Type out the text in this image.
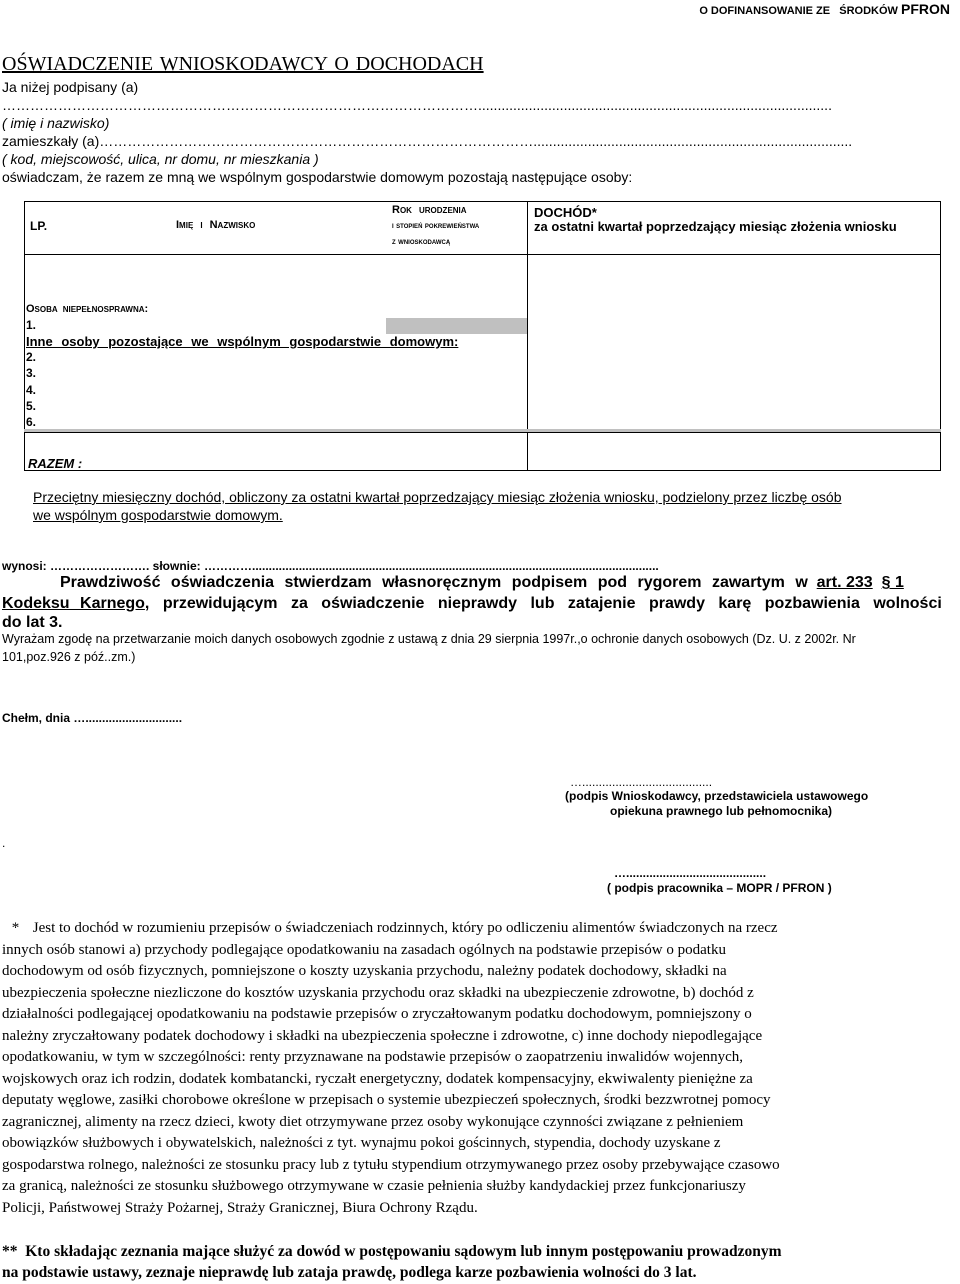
O DOFINANSOWANIE ZE ŚRODKÓW PFRON
OŚWIADCZENIE WNIOSKODAWCY O DOCHODACH
Ja niżej podpisany (a)
…………………………………………………………………………………………...........................................................................................
( imię i nazwisko)
zamieszkały (a)…………………………………………………………………………………..................................................................................
( kod, miejscowość, ulica, nr domu, nr mieszkania )
oświadczam, że razem ze mną we wspólnym gospodarstwie domowym pozostają następujące osoby:
LP.	Imię i Nazwisko
Rok urodzenia
i stopień pokrewieństwa
z wnioskodawcą
DOCHÓD*
za ostatni kwartał poprzedzający miesiąc złożenia wniosku
Osoba niepełnosprawna:
1.
Inne osoby pozostające we wspólnym gospodarstwie domowym:
2.
3.
4.
5.
6.
RAZEM :
Przeciętny miesięczny dochód, obliczony za ostatni kwartał poprzedzający miesiąc złożenia wniosku, podzielony przez liczbę osób
we wspólnym gospodarstwie domowym.
wynosi: ……………………. słownie: …………..........................................................................................................................
Prawdziwość oświadczenia stwierdzam własnoręcznym podpisem pod rygorem zawartym w art. 233 § 1
Kodeksu Karnego, przewidującym za oświadczenie nieprawdy lub zatajenie prawdy karę pozbawienia wolności
do lat 3.
Wyrażam zgodę na przetwarzanie moich danych osobowych zgodnie z ustawą z dnia 29 sierpnia 1997r.,o ochronie danych osobowych (Dz. U. z 2002r. Nr
101,poz.926 z póź..zm.)
Chełm, dnia ….............................
….......................................
(podpis Wnioskodawcy, przedstawiciela ustawowego
opiekuna prawnego lub pełnomocnika)
.
…..........................................
( podpis pracownika – MOPR / PFRON )
* Jest to dochód w rozumieniu przepisów o świadczeniach rodzinnych, który po odliczeniu alimentów świadczonych na rzecz
innych osób stanowi a) przychody podlegające opodatkowaniu na zasadach ogólnych na podstawie przepisów o podatku
dochodowym od osób fizycznych, pomniejszone o koszty uzyskania przychodu, należny podatek dochodowy, składki na
ubezpieczenia społeczne niezliczone do kosztów uzyskania przychodu oraz składki na ubezpieczenie zdrowotne, b) dochód z
działalności podlegającej opodatkowaniu na podstawie przepisów o zryczałtowanym podatku dochodowym, pomniejszony o
należny zryczałtowany podatek dochodowy i składki na ubezpieczenia społeczne i zdrowotne, c) inne dochody niepodlegające
opodatkowaniu, w tym w szczególności: renty przyznawane na podstawie przepisów o zaopatrzeniu inwalidów wojennych,
wojskowych oraz ich rodzin, dodatek kombatancki, ryczałt energetyczny, dodatek kompensacyjny, ekwiwalenty pieniężne za
deputaty węglowe, zasiłki chorobowe określone w przepisach o systemie ubezpieczeń społecznych, środki bezzwrotnej pomocy
zagranicznej, alimenty na rzecz dzieci, kwoty diet otrzymywane przez osoby wykonujące czynności związane z pełnieniem
obowiązków służbowych i obywatelskich, należności z tyt. wynajmu pokoi gościnnych, stypendia, dochody uzyskane z
gospodarstwa rolnego, należności ze stosunku pracy lub z tytułu stypendium otrzymywanego przez osoby przebywające czasowo
za granicą, należności ze stosunku służbowego otrzymywane w czasie pełnienia służby kandydackiej przez funkcjonariuszy
Policji, Państwowej Straży Pożarnej, Straży Granicznej, Biura Ochrony Rządu.
** Kto składając zeznania mające służyć za dowód w postępowaniu sądowym lub innym postępowaniu prowadzonym
na podstawie ustawy, zeznaje nieprawdę lub zataja prawdę, podlega karze pozbawienia wolności do 3 lat.
